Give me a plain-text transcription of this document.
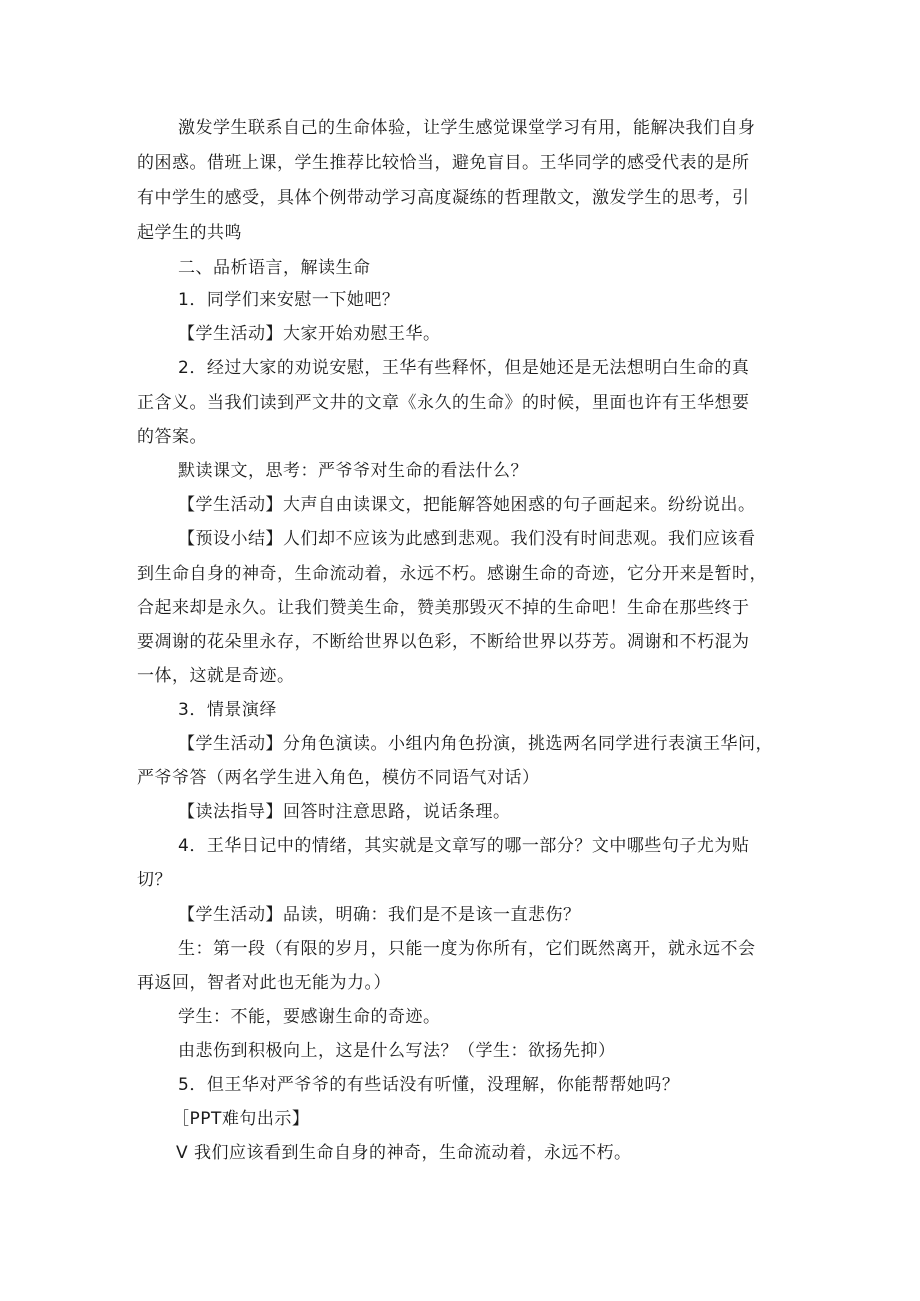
激发学生联系自己的生命体验，让学生感觉课堂学习有用，能解决我们自身
的困惑。借班上课，学生推荐比较恰当，避免盲目。王华同学的感受代表的是所
有中学生的感受，具体个例带动学习高度凝练的哲理散文，激发学生的思考，引
起学生的共鸣
二、品析语言，解读生命
1．同学们来安慰一下她吧？
【学生活动】大家开始劝慰王华。
2．经过大家的劝说安慰，王华有些释怀，但是她还是无法想明白生命的真
正含义。当我们读到严文井的文章《永久的生命》的时候，里面也许有王华想要
的答案。
默读课文，思考：严爷爷对生命的看法什么？
【学生活动】大声自由读课文，把能解答她困惑的句子画起来。纷纷说出。
【预设小结】人们却不应该为此感到悲观。我们没有时间悲观。我们应该看
到生命自身的神奇，生命流动着，永远不朽。感谢生命的奇迹，它分开来是暂时，
合起来却是永久。让我们赞美生命，赞美那毁灭不掉的生命吧！生命在那些终于
要凋谢的花朵里永存，不断给世界以色彩，不断给世界以芬芳。凋谢和不朽混为
一体，这就是奇迹。
3．情景演绎
【学生活动】分角色演读。小组内角色扮演，挑选两名同学进行表演王华问，
严爷爷答（两名学生进入角色，模仿不同语气对话）
【读法指导】回答时注意思路，说话条理。
4．王华日记中的情绪，其实就是文章写的哪一部分？文中哪些句子尤为贴
切？
【学生活动】品读，明确：我们是不是该一直悲伤？
生：第一段（有限的岁月，只能一度为你所有，它们既然离开，就永远不会
再返回，智者对此也无能为力。）
学生：不能，要感谢生命的奇迹。
由悲伤到积极向上，这是什么写法？（学生：欲扬先抑）
5．但王华对严爷爷的有些话没有听懂，没理解，你能帮帮她吗？
［PPT难句出示】
V 我们应该看到生命自身的神奇，生命流动着，永远不朽。
